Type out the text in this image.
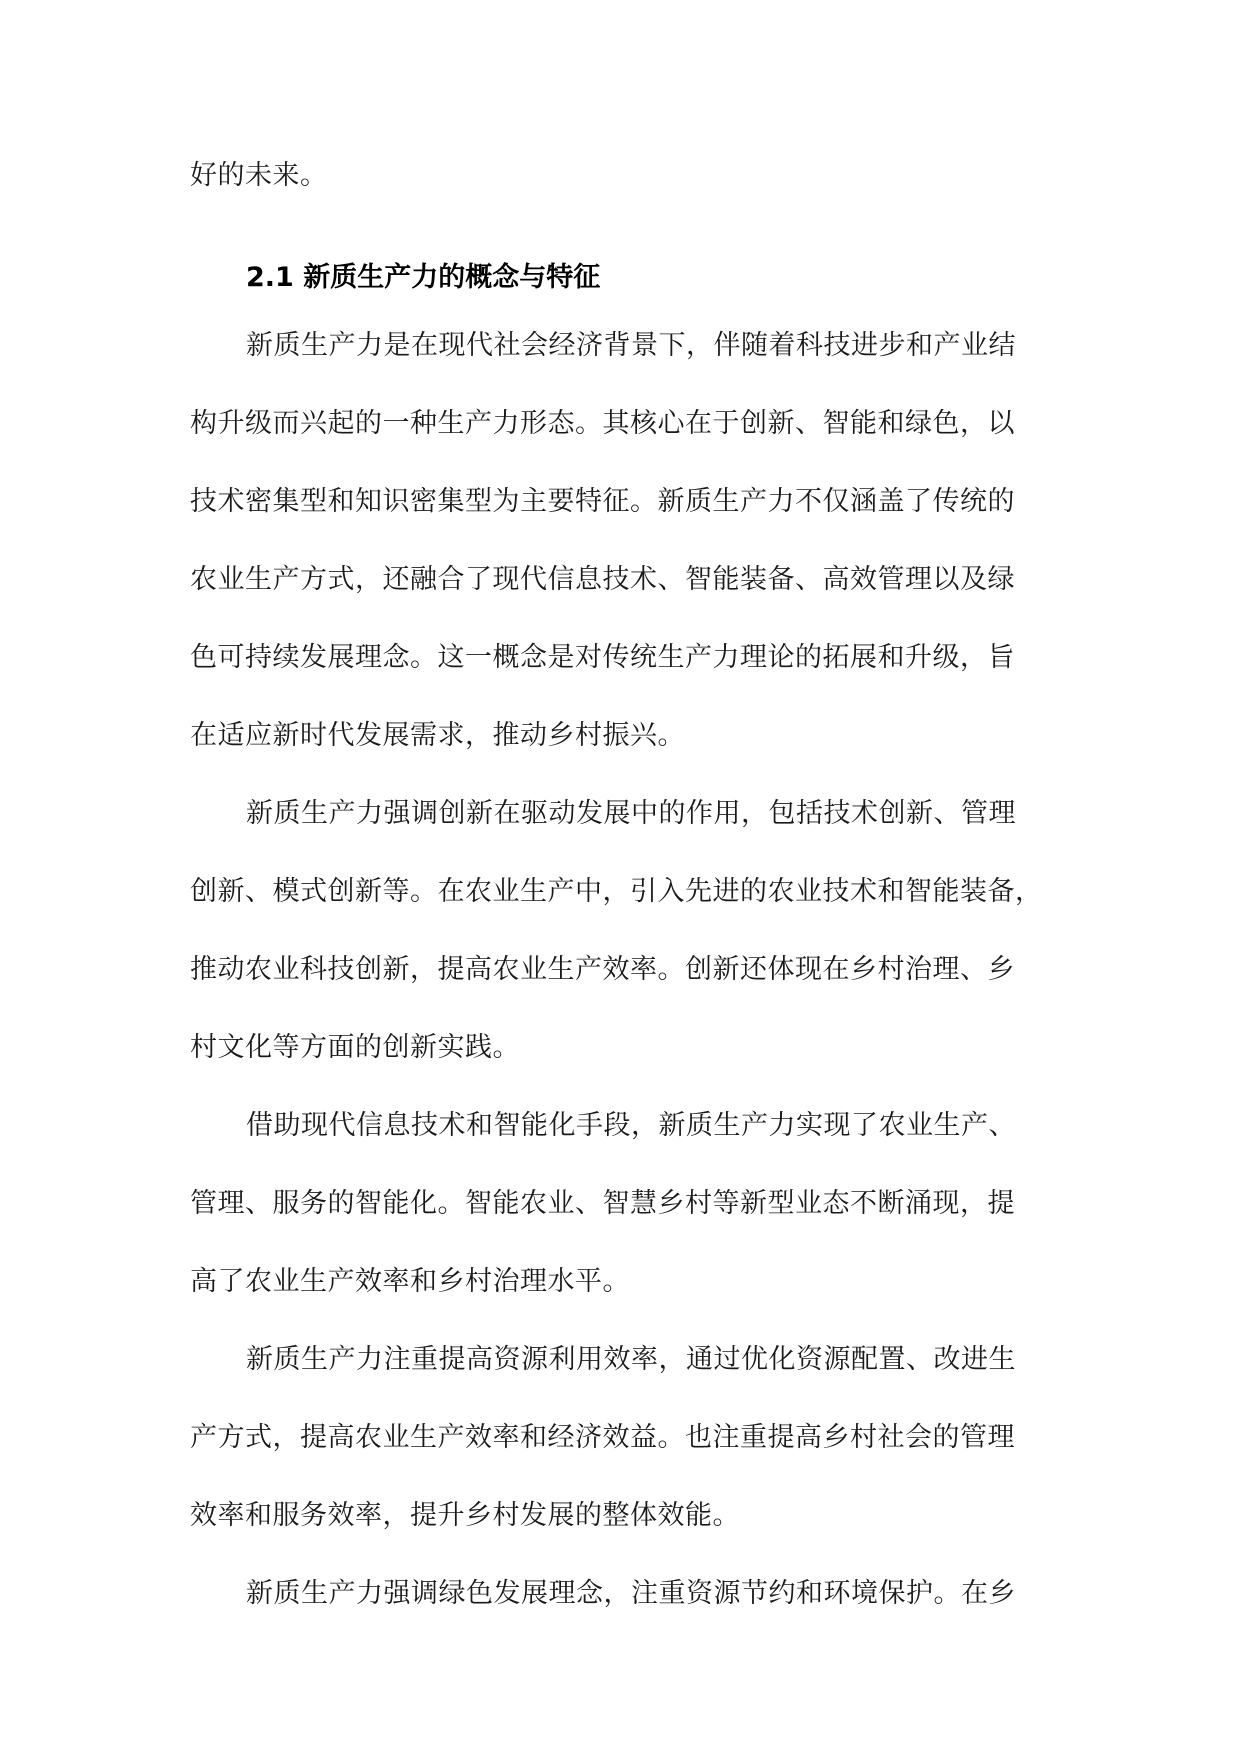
好的未来。
新质生产力是在现代社会经济背景下，伴随着科技进步和产业结
构升级而兴起的一种生产力形态。其核心在于创新、智能和绿色，以
技术密集型和知识密集型为主要特征。新质生产力不仅涵盖了传统的
农业生产方式，还融合了现代信息技术、智能装备、高效管理以及绿
色可持续发展理念。这一概念是对传统生产力理论的拓展和升级，旨
在适应新时代发展需求，推动乡村振兴。
新质生产力强调创新在驱动发展中的作用，包括技术创新、管理
创新、模式创新等。在农业生产中，引入先进的农业技术和智能装备，
推动农业科技创新，提高农业生产效率。创新还体现在乡村治理、乡
村文化等方面的创新实践。
借助现代信息技术和智能化手段，新质生产力实现了农业生产、
管理、服务的智能化。智能农业、智慧乡村等新型业态不断涌现，提
高了农业生产效率和乡村治理水平。
新质生产力注重提高资源利用效率，通过优化资源配置、改进生
产方式，提高农业生产效率和经济效益。也注重提高乡村社会的管理
效率和服务效率，提升乡村发展的整体效能。
新质生产力强调绿色发展理念，注重资源节约和环境保护。在乡
2.1 新质生产力的概念与特征
